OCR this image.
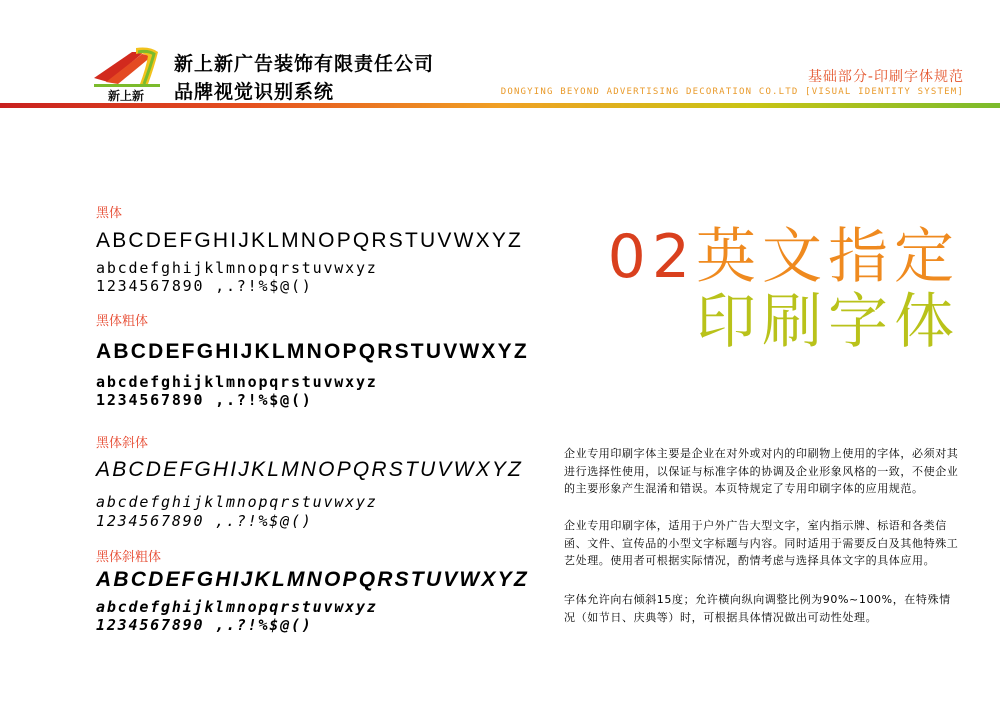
新上新
新上新广告装饰有限责任公司
品牌视觉识别系统
基础部分-印刷字体规范
DONGYING BEYOND ADVERTISING DECORATION CO.LTD [VISUAL IDENTITY SYSTEM]
黑体
ABCDEFGHIJKLMNOPQRSTUVWXYZ
abcdefghijklmnopqrstuvwxyz
1234567890 ,.?!%$@()
黑体粗体
ABCDEFGHIJKLMNOPQRSTUVWXYZ
abcdefghijklmnopqrstuvwxyz
1234567890 ,.?!%$@()
黑体斜体
ABCDEFGHIJKLMNOPQRSTUVWXYZ
abcdefghijklmnopqrstuvwxyz
1234567890 ,.?!%$@()
黑体斜粗体
ABCDEFGHIJKLMNOPQRSTUVWXYZ
abcdefghijklmnopqrstuvwxyz
1234567890 ,.?!%$@()
02英文指定
印刷字体
企业专用印刷字体主要是企业在对外或对内的印刷物上使用的字体，必须对其进行选择性使用，以保证与标准字体的协调及企业形象风格的一致，不使企业的主要形象产生混淆和错误。本页特规定了专用印刷字体的应用规范。
企业专用印刷字体，适用于户外广告大型文字，室内指示牌、标语和各类信函、文件、宣传品的小型文字标题与内容。同时适用于需要反白及其他特殊工艺处理。使用者可根据实际情况，酌情考虑与选择具体文字的具体应用。
字体允许向右倾斜15度；允许横向纵向调整比例为90%~100%，在特殊情况（如节日、庆典等）时，可根据具体情况做出可动性处理。
